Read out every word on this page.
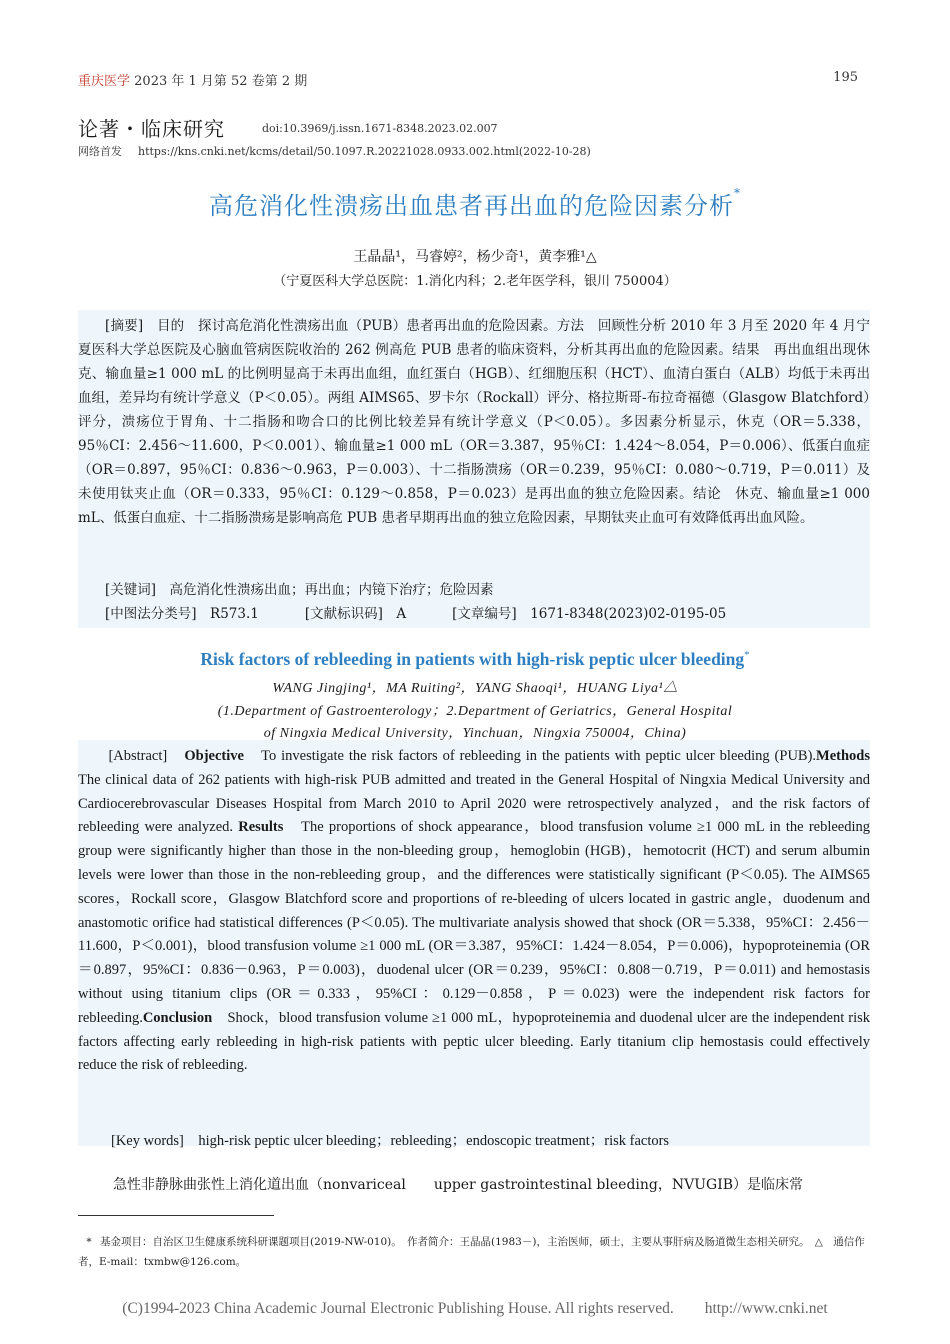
重庆医学 2023 年 1 月第 52 卷第 2 期	195
论著・临床研究	doi:10.3969/j.issn.1671-8348.2023.02.007
网络首发 https://kns.cnki.net/kcms/detail/50.1097.R.20221028.0933.002.html(2022-10-28)
高危消化性溃疡出血患者再出血的危险因素分析*
王晶晶¹，马睿婷²，杨少奇¹，黄李雅¹△
（宁夏医科大学总医院：1.消化内科；2.老年医学科，银川 750004）

[摘要]　目的　探讨高危消化性溃疡出血（PUB）患者再出血的危险因素。方法　回顾性分析 2010 年 3 月至 2020 年 4 月宁夏医科大学总医院及心脑血管病医院收治的 262 例高危 PUB 患者的临床资料，分析其再出血的危险因素。结果　再出血组出现休克、输血量≥1 000 mL 的比例明显高于未再出血组，血红蛋白（HGB）、红细胞压积（HCT）、血清白蛋白（ALB）均低于未再出血组，差异均有统计学意义（P＜0.05）。两组 AIMS65、罗卡尔（Rockall）评分、格拉斯哥-布拉奇福德（Glasgow Blatchford）评分，溃疡位于胃角、十二指肠和吻合口的比例比较差异有统计学意义（P＜0.05）。多因素分析显示，休克（OR＝5.338，95％CI：2.456～11.600，P＜0.001）、输血量≥1 000 mL（OR＝3.387，95％CI：1.424～8.054，P＝0.006）、低蛋白血症（OR＝0.897，95％CI：0.836～0.963，P＝0.003）、十二指肠溃疡（OR＝0.239，95％CI：0.080～0.719，P＝0.011）及未使用钛夹止血（OR＝0.333，95％CI：0.129～0.858，P＝0.023）是再出血的独立危险因素。结论　休克、输血量≥1 000 mL、低蛋白血症、十二指肠溃疡是影响高危 PUB 患者早期再出血的独立危险因素，早期钛夹止血可有效降低再出血风险。

[关键词]　高危消化性溃疡出血；再出血；内镜下治疗；危险因素
[中图法分类号]　R573.1	[文献标识码]　A	[文章编号]　1671-8348(2023)02-0195-05
Risk factors of rebleeding in patients with high-risk peptic ulcer bleeding*
WANG Jingjing¹，MA Ruiting²，YANG Shaoqi¹，HUANG Liya¹△
(1.Department of Gastroenterology；2.Department of Geriatrics，General Hospital
of Ningxia Medical University，Yinchuan，Ningxia 750004，China)

[Abstract]　 Objective　 To investigate the risk factors of rebleeding in the patients with peptic ulcer bleeding (PUB).Methods　The clinical data of 262 patients with high-risk PUB admitted and treated in the General Hospital of Ningxia Medical University and Cardiocerebrovascular Diseases Hospital from March 2010 to April 2020 were retrospectively analyzed，and the risk factors of rebleeding were analyzed. Results　 The proportions of shock appearance，blood transfusion volume ≥1 000 mL in the rebleeding group were significantly higher than those in the non-bleeding group，hemoglobin (HGB)，hemotocrit (HCT) and serum albumin levels were lower than those in the non-rebleeding group，and the differences were statistically significant (P＜0.05). The AIMS65 scores，Rockall score，Glasgow Blatchford score and proportions of re-bleeding of ulcers located in gastric angle，duodenum and anastomotic orifice had statistical differences (P＜0.05). The multivariate analysis showed that shock (OR＝5.338，95%CI：2.456－11.600，P＜0.001)，blood transfusion volume ≥1 000 mL (OR＝3.387，95%CI：1.424－8.054，P＝0.006)，hypoproteinemia (OR＝0.897，95%CI：0.836－0.963，P＝0.003)，duodenal ulcer (OR＝0.239，95%CI：0.808－0.719，P＝0.011) and hemostasis without using titanium clips (OR＝0.333，95%CI：0.129－0.858，P＝0.023) were the independent risk factors for rebleeding.Conclusion　 Shock，blood transfusion volume ≥1 000 mL，hypoproteinemia and duodenal ulcer are the independent risk factors affecting early rebleeding in high-risk patients with peptic ulcer bleeding. Early titanium clip hemostasis could effectively reduce the risk of rebleeding.

[Key words]　high-risk peptic ulcer bleeding；rebleeding；endoscopic treatment；risk factors
急性非静脉曲张性上消化道出血（nonvariceal　　upper gastrointestinal bleeding，NVUGIB）是临床常
* 基金项目：自治区卫生健康系统科研课题项目(2019-NW-010)。　 作者简介：王晶晶(1983－)，主治医师，硕士，主要从事肝病及肠道微生态相关研究。　 △　 通信作者，E-mail：txmbw@126.com。
(C)1994-2023 China Academic Journal Electronic Publishing House. All rights reserved.　　http://www.cnki.net
